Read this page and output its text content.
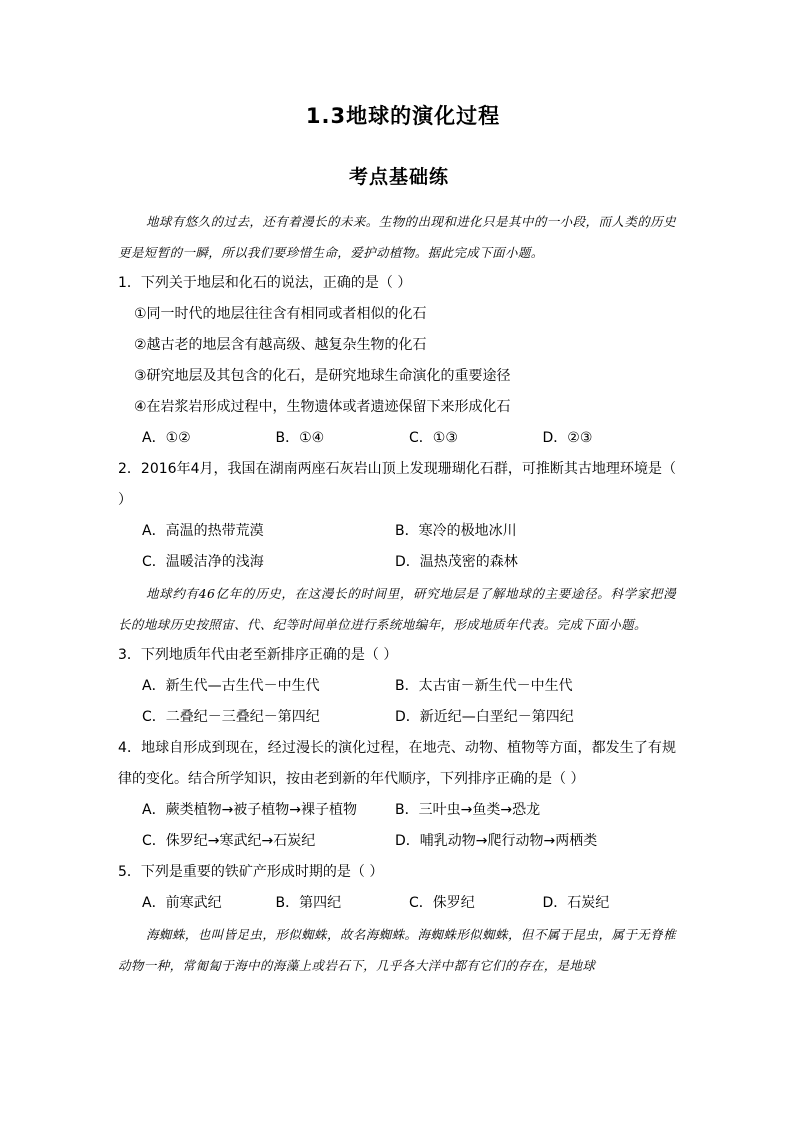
1.3地球的演化过程
考点基础练
地球有悠久的过去，还有着漫长的未来。生物的出现和进化只是其中的一小段，而人类的历史更是短暂的一瞬，所以我们要珍惜生命，爱护动植物。据此完成下面小题。
1．下列关于地层和化石的说法，正确的是（ ）
①同一时代的地层往往含有相同或者相似的化石
②越古老的地层含有越高级、越复杂生物的化石
③研究地层及其包含的化石，是研究地球生命演化的重要途径
④在岩浆岩形成过程中，生物遗体或者遗迹保留下来形成化石
A．①②	B．①④	C．①③	D．②③
2．2016年4月，我国在湖南两座石灰岩山顶上发现珊瑚化石群，可推断其古地理环境是（ ）
A．高温的热带荒漠	B．寒冷的极地冰川
C．温暖洁净的浅海	D．温热茂密的森林
地球约有46亿年的历史，在这漫长的时间里，研究地层是了解地球的主要途径。科学家把漫长的地球历史按照宙、代、纪等时间单位进行系统地编年，形成地质年代表。完成下面小题。
3．下列地质年代由老至新排序正确的是（ ）
A．新生代—古生代－中生代	B．太古宙－新生代－中生代
C．二叠纪－三叠纪－第四纪	D．新近纪—白垩纪－第四纪
4．地球自形成到现在，经过漫长的演化过程，在地壳、动物、植物等方面，都发生了有规律的变化。结合所学知识，按由老到新的年代顺序，下列排序正确的是（ ）
A．蕨类植物→被子植物→裸子植物	B．三叶虫→鱼类→恐龙
C．侏罗纪→寒武纪→石炭纪	D．哺乳动物→爬行动物→两栖类
5．下列是重要的铁矿产形成时期的是（ ）
A．前寒武纪	B．第四纪	C．侏罗纪	D．石炭纪
海蜘蛛，也叫皆足虫，形似蜘蛛，故名海蜘蛛。海蜘蛛形似蜘蛛，但不属于昆虫，属于无脊椎动物一种，常匍匐于海中的海藻上或岩石下，几乎各大洋中都有它们的存在，是地球
